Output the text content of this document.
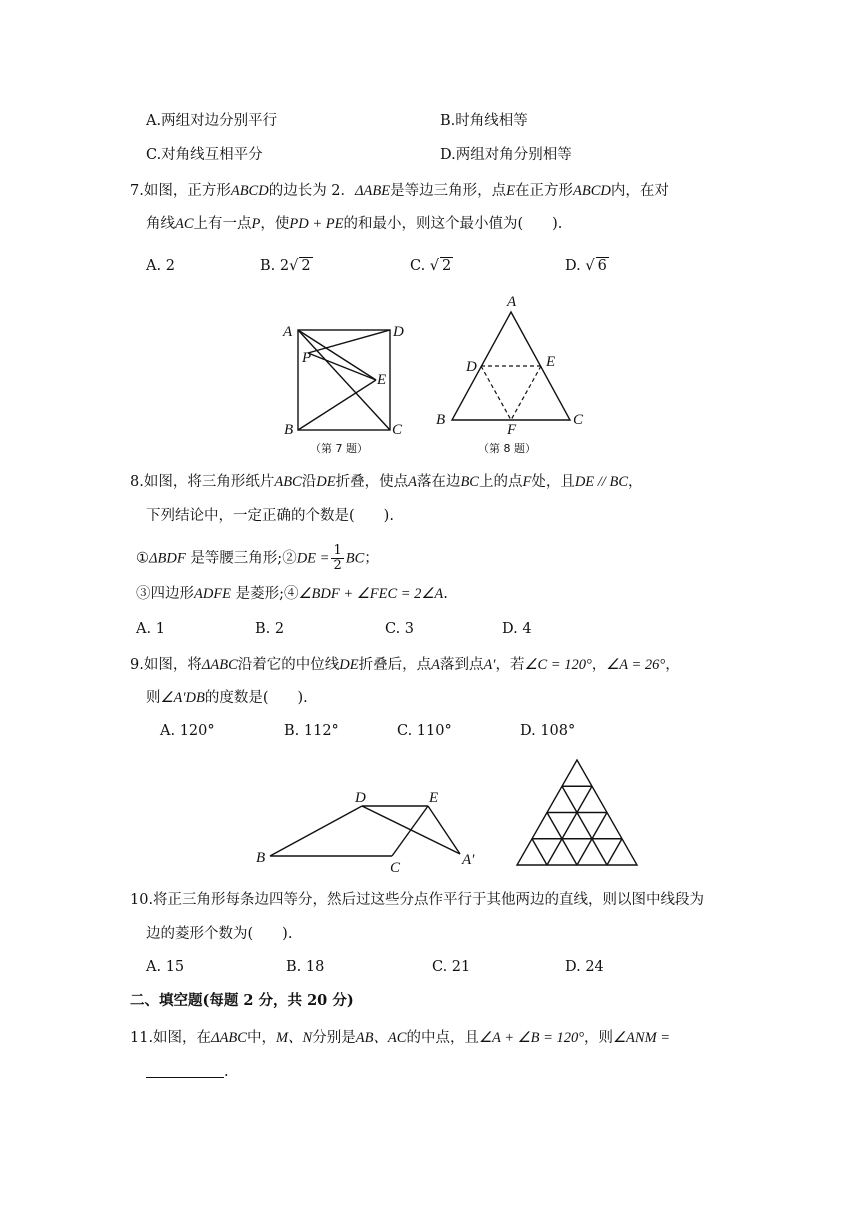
A.两组对边分别平行	B.时角线相等
C.对角线互相平分	D.两组对角分别相等
7.如图，正方形ABCD的边长为 2．ΔABE是等边三角形，点E在正方形ABCD内，在对
角线AC上有一点P，使PD + PE的和最小，则这个最小值为(　　).
A. 2	B. 2√ 2	C. √ 2	D. √ 6
A	D
P
E
B	C
（第 7 题）
A
D	E
B
F
C
（第 8 题）
8.如图，将三角形纸片ABC沿DE折叠，使点A落在边BC上的点F处，且DE // BC，
下列结论中，一定正确的个数是(　　).
①ΔBDF 是等腰三角形;②DE = $\frac{1}{2}$ BC；
③四边形ADFE 是菱形;④∠BDF + ∠FEC = 2∠A.
A. 1	B. 2	C. 3	D. 4
9.如图，将ΔABC沿着它的中位线DE折叠后，点A落到点A′，若∠C = 120°，∠A = 26°，
则∠A′DB的度数是(　　).
A. 120°	B. 112°	C. 110°	D. 108°
D	E
B
C	A′
10.将正三角形每条边四等分，然后过这些分点作平行于其他两边的直线，则以图中线段为
边的菱形个数为(　　).
A. 15	B. 18	C. 21	D. 24
二、填空题(每题 2 分，共 20 分)
11.如图，在ΔABC中，M、N分别是AB、AC的中点，且∠A + ∠B = 120°，则∠ANM =
.
